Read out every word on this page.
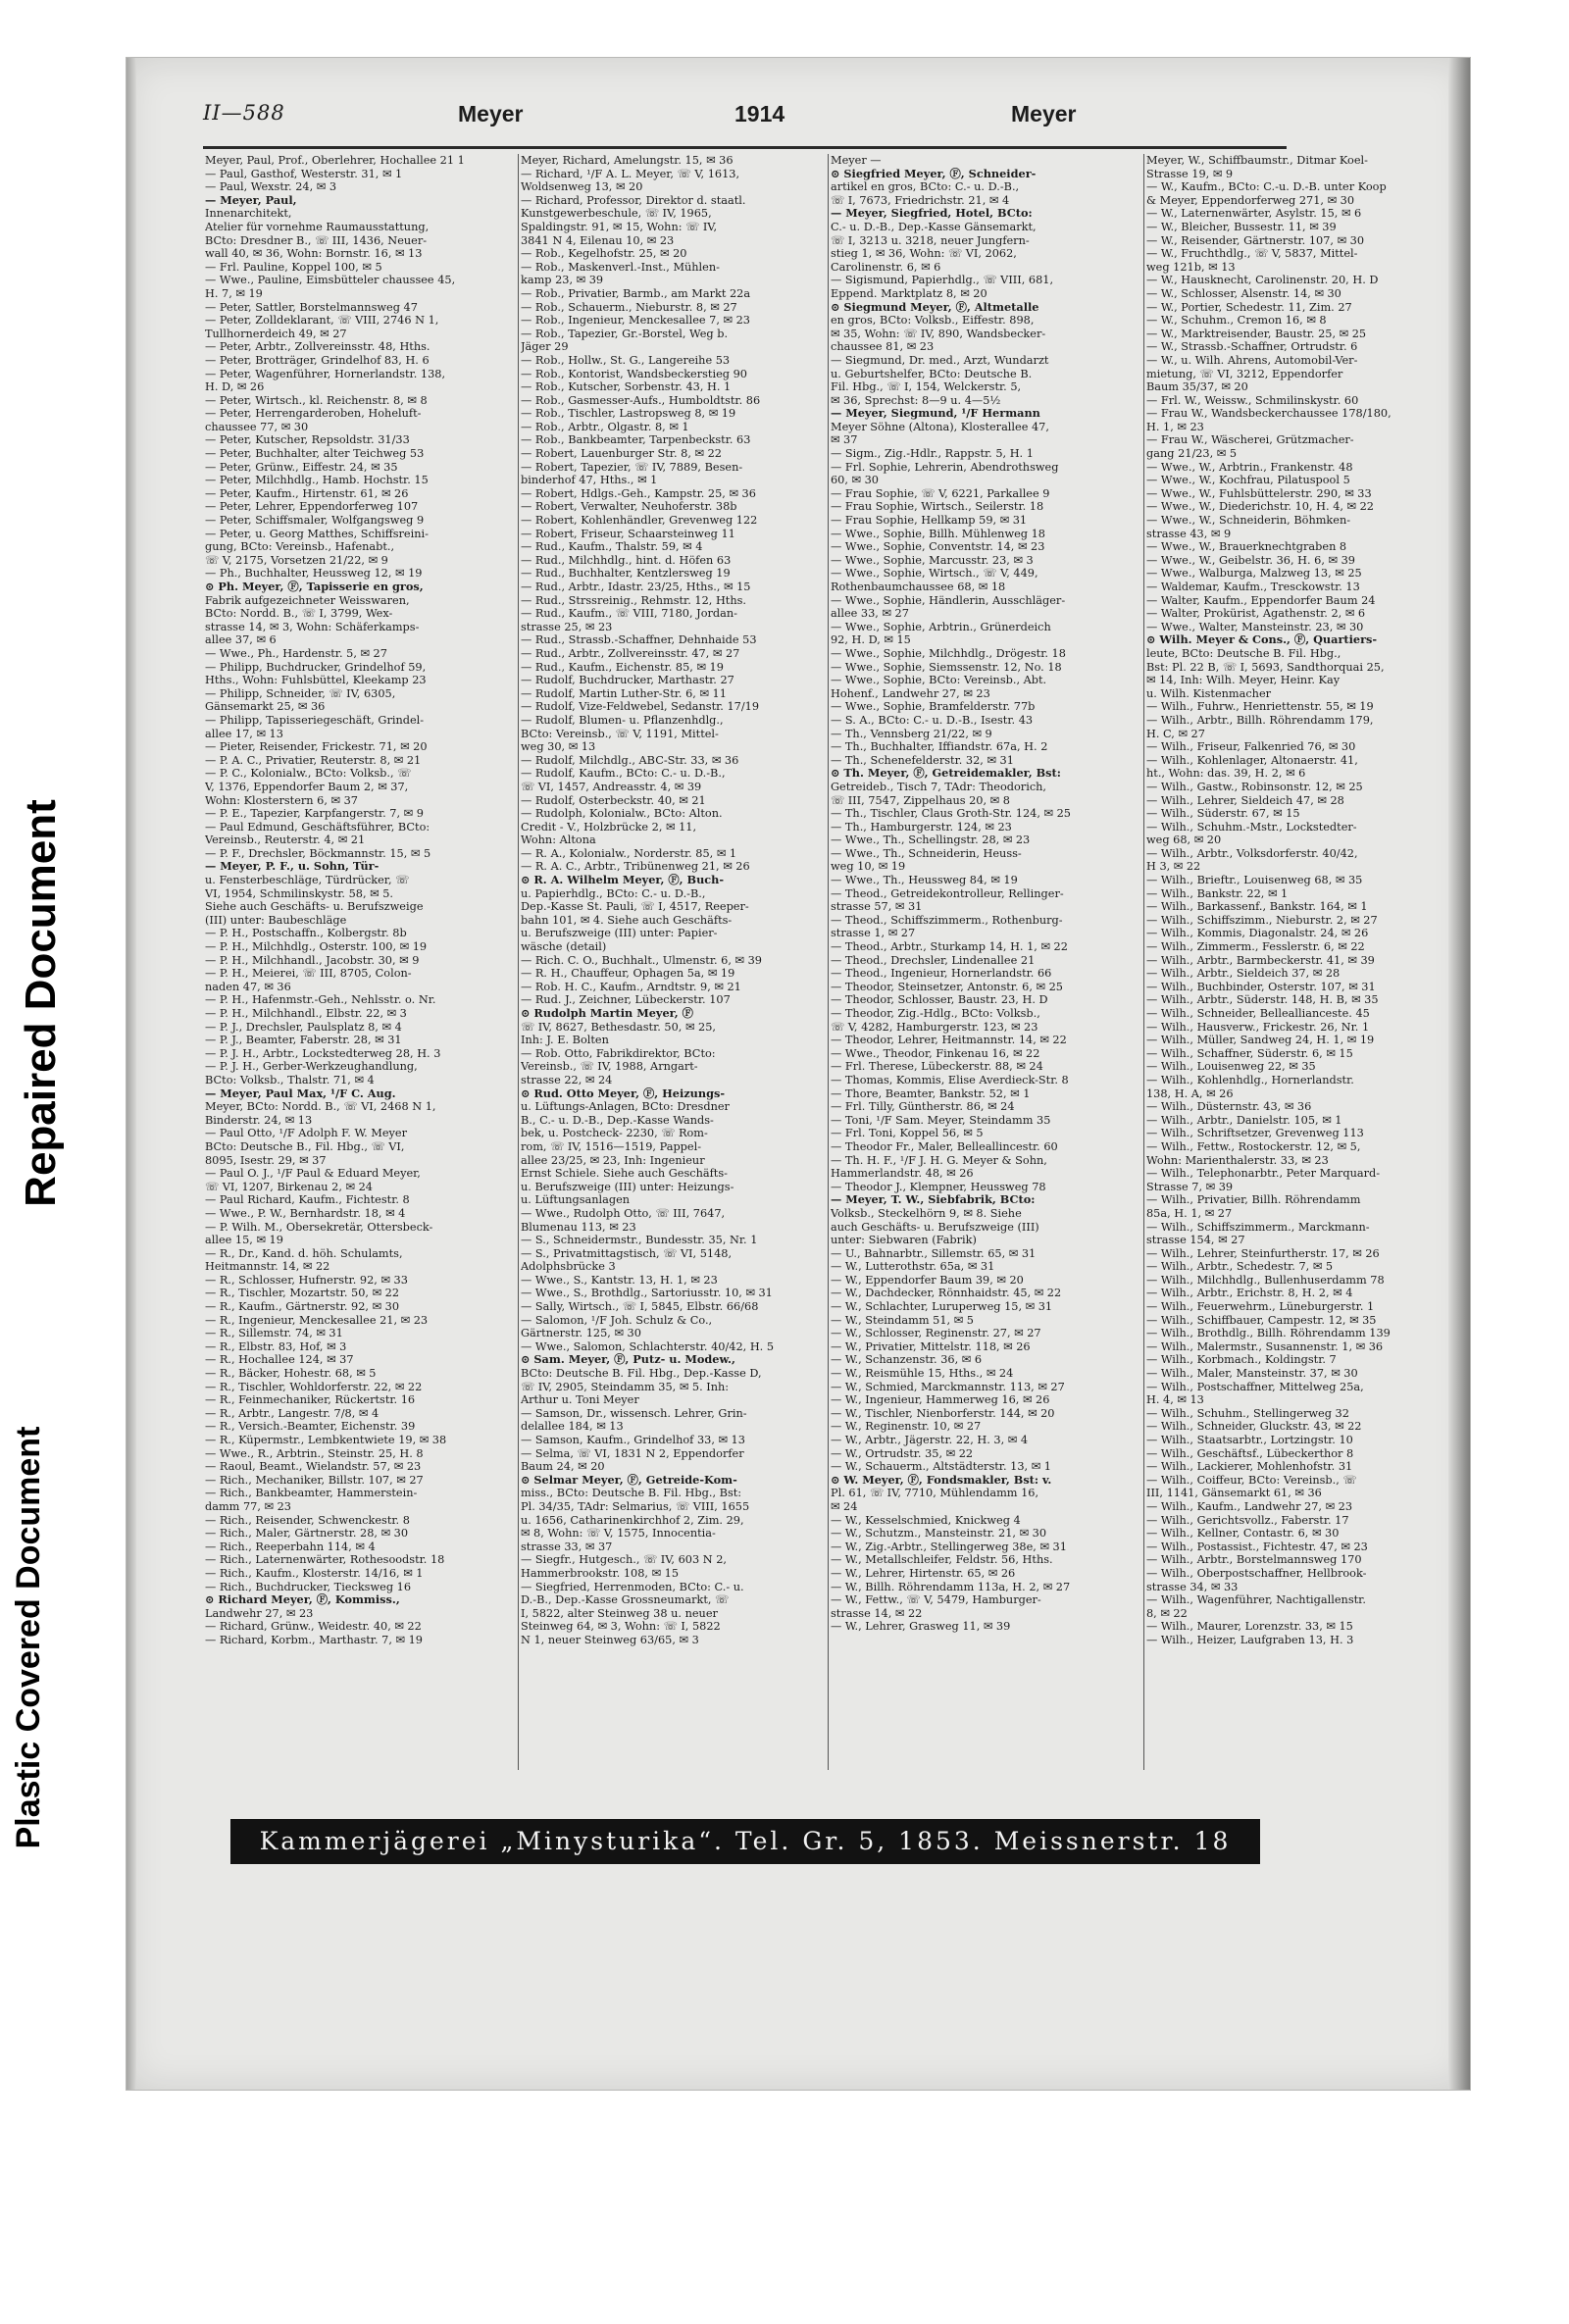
Repaired Document
Plastic Covered Document
II—588	Meyer	1914	Meyer
Meyer, Paul, Prof., Oberlehrer, Hochallee 21 1
— Paul, Gasthof, Westerstr. 31, ✉ 1
— Paul, Wexstr. 24, ✉ 3
— Meyer, Paul,
Innenarchitekt,
Atelier für vornehme Raumausstattung,
BCto: Dresdner B., ☏ III, 1436, Neuer-
wall 40, ✉ 36, Wohn: Bornstr. 16, ✉ 13
— Frl. Pauline, Koppel 100, ✉ 5
— Wwe., Pauline, Eimsbütteler chaussee 45,
H. 7, ✉ 19
— Peter, Sattler, Borstelmannsweg 47
— Peter, Zolldeklarant, ☏ VIII, 2746 N 1,
Tullhornerdeich 49, ✉ 27
— Peter, Arbtr., Zollvereinsstr. 48, Hths.
— Peter, Brotträger, Grindelhof 83, H. 6
— Peter, Wagenführer, Hornerlandstr. 138,
H. D, ✉ 26
— Peter, Wirtsch., kl. Reichenstr. 8, ✉ 8
— Peter, Herrengarderoben, Hoheluft-
chaussee 77, ✉ 30
— Peter, Kutscher, Repsoldstr. 31/33
— Peter, Buchhalter, alter Teichweg 53
— Peter, Grünw., Eiffestr. 24, ✉ 35
— Peter, Milchhdlg., Hamb. Hochstr. 15
— Peter, Kaufm., Hirtenstr. 61, ✉ 26
— Peter, Lehrer, Eppendorferweg 107
— Peter, Schiffsmaler, Wolfgangsweg 9
— Peter, u. Georg Matthes, Schiffsreini-
gung, BCto: Vereinsb., Hafenabt.,
☏ V, 2175, Vorsetzen 21/22, ✉ 9
— Ph., Buchhalter, Heussweg 12, ✉ 19
⊙ Ph. Meyer, Ⓕ, Tapisserie en gros,
Fabrik aufgezeichneter Weisswaren,
BCto: Nordd. B., ☏ I, 3799, Wex-
strasse 14, ✉ 3, Wohn: Schäferkamps-
allee 37, ✉ 6
— Wwe., Ph., Hardenstr. 5, ✉ 27
— Philipp, Buchdrucker, Grindelhof 59,
Hths., Wohn: Fuhlsbüttel, Kleekamp 23
— Philipp, Schneider, ☏ IV, 6305,
Gänsemarkt 25, ✉ 36
— Philipp, Tapisseriegeschäft, Grindel-
allee 17, ✉ 13
— Pieter, Reisender, Frickestr. 71, ✉ 20
— P. A. C., Privatier, Reuterstr. 8, ✉ 21
— P. C., Kolonialw., BCto: Volksb., ☏
V, 1376, Eppendorfer Baum 2, ✉ 37,
Wohn: Klosterstern 6, ✉ 37
— P. E., Tapezier, Karpfangerstr. 7, ✉ 9
— Paul Edmund, Geschäftsführer, BCto:
Vereinsb., Reuterstr. 4, ✉ 21
— P. F., Drechsler, Böckmannstr. 15, ✉ 5
— Meyer, P. F., u. Sohn, Tür-
u. Fensterbeschläge, Türdrücker, ☏
VI, 1954, Schmilinskystr. 58, ✉ 5.
Siehe auch Geschäfts- u. Berufszweige
(III) unter: Baubeschläge
— P. H., Postschaffn., Kolbergstr. 8b
— P. H., Milchhdlg., Osterstr. 100, ✉ 19
— P. H., Milchhandl., Jacobstr. 30, ✉ 9
— P. H., Meierei, ☏ III, 8705, Colon-
naden 47, ✉ 36
— P. H., Hafenmstr.-Geh., Nehlsstr. o. Nr.
— P. H., Milchhandl., Elbstr. 22, ✉ 3
— P. J., Drechsler, Paulsplatz 8, ✉ 4
— P. J., Beamter, Faberstr. 28, ✉ 31
— P. J. H., Arbtr., Lockstedterweg 28, H. 3
— P. J. H., Gerber-Werkzeughandlung,
BCto: Volksb., Thalstr. 71, ✉ 4
— Meyer, Paul Max, ¹/F C. Aug.
Meyer, BCto: Nordd. B., ☏ VI, 2468 N 1,
Binderstr. 24, ✉ 13
— Paul Otto, ¹/F Adolph F. W. Meyer
BCto: Deutsche B., Fil. Hbg., ☏ VI,
8095, Isestr. 29, ✉ 37
— Paul O. J., ¹/F Paul & Eduard Meyer,
☏ VI, 1207, Birkenau 2, ✉ 24
— Paul Richard, Kaufm., Fichtestr. 8
— Wwe., P. W., Bernhardstr. 18, ✉ 4
— P. Wilh. M., Obersekretär, Ottersbeck-
allee 15, ✉ 19
— R., Dr., Kand. d. höh. Schulamts,
Heitmannstr. 14, ✉ 22
— R., Schlosser, Hufnerstr. 92, ✉ 33
— R., Tischler, Mozartstr. 50, ✉ 22
— R., Kaufm., Gärtnerstr. 92, ✉ 30
— R., Ingenieur, Menckesallee 21, ✉ 23
— R., Sillemstr. 74, ✉ 31
— R., Elbstr. 83, Hof, ✉ 3
— R., Hochallee 124, ✉ 37
— R., Bäcker, Hohestr. 68, ✉ 5
— R., Tischler, Wohldorferstr. 22, ✉ 22
— R., Feinmechaniker, Rückertstr. 16
— R., Arbtr., Langestr. 7/8, ✉ 4
— R., Versich.-Beamter, Eichenstr. 39
— R., Küpermstr., Lembkentwiete 19, ✉ 38
— Wwe., R., Arbtrin., Steinstr. 25, H. 8
— Raoul, Beamt., Wielandstr. 57, ✉ 23
— Rich., Mechaniker, Billstr. 107, ✉ 27
— Rich., Bankbeamter, Hammerstein-
damm 77, ✉ 23
— Rich., Reisender, Schwenckestr. 8
— Rich., Maler, Gärtnerstr. 28, ✉ 30
— Rich., Reeperbahn 114, ✉ 4
— Rich., Laternenwärter, Rothesoodstr. 18
— Rich., Kaufm., Klosterstr. 14/16, ✉ 1
— Rich., Buchdrucker, Tiecksweg 16
⊙ Richard Meyer, Ⓕ, Kommiss.,
Landwehr 27, ✉ 23
— Richard, Grünw., Weidestr. 40, ✉ 22
— Richard, Korbm., Marthastr. 7, ✉ 19
Meyer, Richard, Amelungstr. 15, ✉ 36
— Richard, ¹/F A. L. Meyer, ☏ V, 1613,
Woldsenweg 13, ✉ 20
— Richard, Professor, Direktor d. staatl.
Kunstgewerbeschule, ☏ IV, 1965,
Spaldingstr. 91, ✉ 15, Wohn: ☏ IV,
3841 N 4, Eilenau 10, ✉ 23
— Rob., Kegelhofstr. 25, ✉ 20
— Rob., Maskenverl.-Inst., Mühlen-
kamp 23, ✉ 39
— Rob., Privatier, Barmb., am Markt 22a
— Rob., Schauerm., Nieburstr. 8, ✉ 27
— Rob., Ingenieur, Menckesallee 7, ✉ 23
— Rob., Tapezier, Gr.-Borstel, Weg b.
Jäger 29
— Rob., Hollw., St. G., Langereihe 53
— Rob., Kontorist, Wandsbeckerstieg 90
— Rob., Kutscher, Sorbenstr. 43, H. 1
— Rob., Gasmesser-Aufs., Humboldtstr. 86
— Rob., Tischler, Lastropsweg 8, ✉ 19
— Rob., Arbtr., Olgastr. 8, ✉ 1
— Rob., Bankbeamter, Tarpenbeckstr. 63
— Robert, Lauenburger Str. 8, ✉ 22
— Robert, Tapezier, ☏ IV, 7889, Besen-
binderhof 47, Hths., ✉ 1
— Robert, Hdlgs.-Geh., Kampstr. 25, ✉ 36
— Robert, Verwalter, Neuhoferstr. 38b
— Robert, Kohlenhändler, Grevenweg 122
— Robert, Friseur, Schaarsteinweg 11
— Rud., Kaufm., Thalstr. 59, ✉ 4
— Rud., Milchhdlg., hint. d. Höfen 63
— Rud., Buchhalter, Kentzlersweg 19
— Rud., Arbtr., Idastr. 23/25, Hths., ✉ 15
— Rud., Strssreinig., Rehmstr. 12, Hths.
— Rud., Kaufm., ☏ VIII, 7180, Jordan-
strasse 25, ✉ 23
— Rud., Strassb.-Schaffner, Dehnhaide 53
— Rud., Arbtr., Zollvereinsstr. 47, ✉ 27
— Rud., Kaufm., Eichenstr. 85, ✉ 19
— Rudolf, Buchdrucker, Marthastr. 27
— Rudolf, Martin Luther-Str. 6, ✉ 11
— Rudolf, Vize-Feldwebel, Sedanstr. 17/19
— Rudolf, Blumen- u. Pflanzenhdlg.,
BCto: Vereinsb., ☏ V, 1191, Mittel-
weg 30, ✉ 13
— Rudolf, Milchdlg., ABC-Str. 33, ✉ 36
— Rudolf, Kaufm., BCto: C.- u. D.-B.,
☏ VI, 1457, Andreasstr. 4, ✉ 39
— Rudolf, Osterbeckstr. 40, ✉ 21
— Rudolph, Kolonialw., BCto: Alton.
Credit - V., Holzbrücke 2, ✉ 11,
Wohn: Altona
— R. A., Kolonialw., Norderstr. 85, ✉ 1
— R. A. C., Arbtr., Tribünenweg 21, ✉ 26
⊙ R. A. Wilhelm Meyer, Ⓕ, Buch-
u. Papierhdlg., BCto: C.- u. D.-B.,
Dep.-Kasse St. Pauli, ☏ I, 4517, Reeper-
bahn 101, ✉ 4. Siehe auch Geschäfts-
u. Berufszweige (III) unter: Papier-
wäsche (detail)
— Rich. C. O., Buchhalt., Ulmenstr. 6, ✉ 39
— R. H., Chauffeur, Ophagen 5a, ✉ 19
— Rob. H. C., Kaufm., Arndtstr. 9, ✉ 21
— Rud. J., Zeichner, Lübeckerstr. 107
⊙ Rudolph Martin Meyer, Ⓕ
☏ IV, 8627, Bethesdastr. 50, ✉ 25,
Inh: J. E. Bolten
— Rob. Otto, Fabrikdirektor, BCto:
Vereinsb., ☏ IV, 1988, Arngart-
strasse 22, ✉ 24
⊙ Rud. Otto Meyer, Ⓕ, Heizungs-
u. Lüftungs-Anlagen, BCto: Dresdner
B., C.- u. D.-B., Dep.-Kasse Wands-
bek, u. Postcheck- 2230, ☏ Rom-
rom, ☏ IV, 1516—1519, Pappel-
allee 23/25, ✉ 23, Inh: Ingenieur
Ernst Schiele. Siehe auch Geschäfts-
u. Berufszweige (III) unter: Heizungs-
u. Lüftungsanlagen
— Wwe., Rudolph Otto, ☏ III, 7647,
Blumenau 113, ✉ 23
— S., Schneidermstr., Bundesstr. 35, Nr. 1
— S., Privatmittagstisch, ☏ VI, 5148,
Adolphsbrücke 3
— Wwe., S., Kantstr. 13, H. 1, ✉ 23
— Wwe., S., Brothdlg., Sartoriusstr. 10, ✉ 31
— Sally, Wirtsch., ☏ I, 5845, Elbstr. 66/68
— Salomon, ¹/F Joh. Schulz & Co.,
Gärtnerstr. 125, ✉ 30
— Wwe., Salomon, Schlachterstr. 40/42, H. 5
⊙ Sam. Meyer, Ⓕ, Putz- u. Modew.,
BCto: Deutsche B. Fil. Hbg., Dep.-Kasse D,
☏ IV, 2905, Steindamm 35, ✉ 5. Inh:
Arthur u. Toni Meyer
— Samson, Dr., wissensch. Lehrer, Grin-
delallee 184, ✉ 13
— Samson, Kaufm., Grindelhof 33, ✉ 13
— Selma, ☏ VI, 1831 N 2, Eppendorfer
Baum 24, ✉ 20
⊙ Selmar Meyer, Ⓕ, Getreide-Kom-
miss., BCto: Deutsche B. Fil. Hbg., Bst:
Pl. 34/35, TAdr: Selmarius, ☏ VIII, 1655
u. 1656, Catharinenkirchhof 2, Zim. 29,
✉ 8, Wohn: ☏ V, 1575, Innocentia-
strasse 33, ✉ 37
— Siegfr., Hutgesch., ☏ IV, 603 N 2,
Hammerbrookstr. 108, ✉ 15
— Siegfried, Herrenmoden, BCto: C.- u.
D.-B., Dep.-Kasse Grossneumarkt, ☏
I, 5822, alter Steinweg 38 u. neuer
Steinweg 64, ✉ 3, Wohn: ☏ I, 5822
N 1, neuer Steinweg 63/65, ✉ 3
Meyer —
⊙ Siegfried Meyer, Ⓕ, Schneider-
artikel en gros, BCto: C.- u. D.-B.,
☏ I, 7673, Friedrichstr. 21, ✉ 4
— Meyer, Siegfried, Hotel, BCto:
C.- u. D.-B., Dep.-Kasse Gänsemarkt,
☏ I, 3213 u. 3218, neuer Jungfern-
stieg 1, ✉ 36, Wohn: ☏ VI, 2062,
Carolinenstr. 6, ✉ 6
— Sigismund, Papierhdlg., ☏ VIII, 681,
Eppend. Marktplatz 8, ✉ 20
⊙ Siegmund Meyer, Ⓕ, Altmetalle
en gros, BCto: Volksb., Eiffestr. 898,
✉ 35, Wohn: ☏ IV, 890, Wandsbecker-
chaussee 81, ✉ 23
— Siegmund, Dr. med., Arzt, Wundarzt
u. Geburtshelfer, BCto: Deutsche B.
Fil. Hbg., ☏ I, 154, Welckerstr. 5,
✉ 36, Sprechst: 8—9 u. 4—5½
— Meyer, Siegmund, ¹/F Hermann
Meyer Söhne (Altona), Klosterallee 47,
✉ 37
— Sigm., Zig.-Hdlr., Rappstr. 5, H. 1
— Frl. Sophie, Lehrerin, Abendrothsweg
60, ✉ 30
— Frau Sophie, ☏ V, 6221, Parkallee 9
— Frau Sophie, Wirtsch., Seilerstr. 18
— Frau Sophie, Hellkamp 59, ✉ 31
— Wwe., Sophie, Billh. Mühlenweg 18
— Wwe., Sophie, Conventstr. 14, ✉ 23
— Wwe., Sophie, Marcusstr. 23, ✉ 3
— Wwe., Sophie, Wirtsch., ☏ V, 449,
Rothenbaumchaussee 68, ✉ 18
— Wwe., Sophie, Händlerin, Ausschläger-
allee 33, ✉ 27
— Wwe., Sophie, Arbtrin., Grünerdeich
92, H. D, ✉ 15
— Wwe., Sophie, Milchhdlg., Drögestr. 18
— Wwe., Sophie, Siemssenstr. 12, No. 18
— Wwe., Sophie, BCto: Vereinsb., Abt.
Hohenf., Landwehr 27, ✉ 23
— Wwe., Sophie, Bramfelderstr. 77b
— S. A., BCto: C.- u. D.-B., Isestr. 43
— Th., Vennsberg 21/22, ✉ 9
— Th., Buchhalter, Iffiandstr. 67a, H. 2
— Th., Schenefelderstr. 32, ✉ 31
⊙ Th. Meyer, Ⓕ, Getreidemakler, Bst:
Getreideb., Tisch 7, TAdr: Theodorich,
☏ III, 7547, Zippelhaus 20, ✉ 8
— Th., Tischler, Claus Groth-Str. 124, ✉ 25
— Th., Hamburgerstr. 124, ✉ 23
— Wwe., Th., Schellingstr. 28, ✉ 23
— Wwe., Th., Schneiderin, Heuss-
weg 10, ✉ 19
— Wwe., Th., Heussweg 84, ✉ 19
— Theod., Getreidekontrolleur, Rellinger-
strasse 57, ✉ 31
— Theod., Schiffszimmerm., Rothenburg-
strasse 1, ✉ 27
— Theod., Arbtr., Sturkamp 14, H. 1, ✉ 22
— Theod., Drechsler, Lindenallee 21
— Theod., Ingenieur, Hornerlandstr. 66
— Theodor, Steinsetzer, Antonstr. 6, ✉ 25
— Theodor, Schlosser, Baustr. 23, H. D
— Theodor, Zig.-Hdlg., BCto: Volksb.,
☏ V, 4282, Hamburgerstr. 123, ✉ 23
— Theodor, Lehrer, Heitmannstr. 14, ✉ 22
— Wwe., Theodor, Finkenau 16, ✉ 22
— Frl. Therese, Lübeckerstr. 88, ✉ 24
— Thomas, Kommis, Elise Averdieck-Str. 8
— Thore, Beamter, Bankstr. 52, ✉ 1
— Frl. Tilly, Güntherstr. 86, ✉ 24
— Toni, ¹/F Sam. Meyer, Steindamm 35
— Frl. Toni, Koppel 56, ✉ 5
— Theodor Fr., Maler, Belleallincestr. 60
— Th. H. F., ¹/F J. H. G. Meyer & Sohn,
Hammerlandstr. 48, ✉ 26
— Theodor J., Klempner, Heussweg 78
— Meyer, T. W., Siebfabrik, BCto:
Volksb., Steckelhörn 9, ✉ 8. Siehe
auch Geschäfts- u. Berufszweige (III)
unter: Siebwaren (Fabrik)
— U., Bahnarbtr., Sillemstr. 65, ✉ 31
— W., Lutterothstr. 65a, ✉ 31
— W., Eppendorfer Baum 39, ✉ 20
— W., Dachdecker, Rönnhaidstr. 45, ✉ 22
— W., Schlachter, Luruperweg 15, ✉ 31
— W., Steindamm 51, ✉ 5
— W., Schlosser, Reginenstr. 27, ✉ 27
— W., Privatier, Mittelstr. 118, ✉ 26
— W., Schanzenstr. 36, ✉ 6
— W., Reismühle 15, Hths., ✉ 24
— W., Schmied, Marckmannstr. 113, ✉ 27
— W., Ingenieur, Hammerweg 16, ✉ 26
— W., Tischler, Nienborferstr. 144, ✉ 20
— W., Reginenstr. 10, ✉ 27
— W., Arbtr., Jägerstr. 22, H. 3, ✉ 4
— W., Ortrudstr. 35, ✉ 22
— W., Schauerm., Altstädterstr. 13, ✉ 1
⊙ W. Meyer, Ⓕ, Fondsmakler, Bst: v.
Pl. 61, ☏ IV, 7710, Mühlendamm 16,
✉ 24
— W., Kesselschmied, Knickweg 4
— W., Schutzm., Mansteinstr. 21, ✉ 30
— W., Zig.-Arbtr., Stellingerweg 38e, ✉ 31
— W., Metallschleifer, Feldstr. 56, Hths.
— W., Lehrer, Hirtenstr. 65, ✉ 26
— W., Billh. Röhrendamm 113a, H. 2, ✉ 27
— W., Fettw., ☏ V, 5479, Hamburger-
strasse 14, ✉ 22
— W., Lehrer, Grasweg 11, ✉ 39
Meyer, W., Schiffbaumstr., Ditmar Koel-
Strasse 19, ✉ 9
— W., Kaufm., BCto: C.-u. D.-B. unter Koop
& Meyer, Eppendorferweg 271, ✉ 30
— W., Laternenwärter, Asylstr. 15, ✉ 6
— W., Bleicher, Bussestr. 11, ✉ 39
— W., Reisender, Gärtnerstr. 107, ✉ 30
— W., Fruchthdlg., ☏ V, 5837, Mittel-
weg 121b, ✉ 13
— W., Hausknecht, Carolinenstr. 20, H. D
— W., Schlosser, Alsenstr. 14, ✉ 30
— W., Portier, Schedestr. 11, Zim. 27
— W., Schuhm., Cremon 16, ✉ 8
— W., Marktreisender, Baustr. 25, ✉ 25
— W., Strassb.-Schaffner, Ortrudstr. 6
— W., u. Wilh. Ahrens, Automobil-Ver-
mietung, ☏ VI, 3212, Eppendorfer
Baum 35/37, ✉ 20
— Frl. W., Weissw., Schmilinskystr. 60
— Frau W., Wandsbeckerchaussee 178/180,
H. 1, ✉ 23
— Frau W., Wäscherei, Grützmacher-
gang 21/23, ✉ 5
— Wwe., W., Arbtrin., Frankenstr. 48
— Wwe., W., Kochfrau, Pilatuspool 5
— Wwe., W., Fuhlsbüttelerstr. 290, ✉ 33
— Wwe., W., Diederichstr. 10, H. 4, ✉ 22
— Wwe., W., Schneiderin, Böhmken-
strasse 43, ✉ 9
— Wwe., W., Brauerknechtgraben 8
— Wwe., W., Geibelstr. 36, H. 6, ✉ 39
— Wwe., Walburga, Malzweg 13, ✉ 25
— Waldemar, Kaufm., Tresckowstr. 13
— Walter, Kaufm., Eppendorfer Baum 24
— Walter, Prokürist, Agathenstr. 2, ✉ 6
— Wwe., Walter, Mansteinstr. 23, ✉ 30
⊙ Wilh. Meyer & Cons., Ⓕ, Quartiers-
leute, BCto: Deutsche B. Fil. Hbg.,
Bst: Pl. 22 B, ☏ I, 5693, Sandthorquai 25,
✉ 14, Inh: Wilh. Meyer, Heinr. Kay
u. Wilh. Kistenmacher
— Wilh., Fuhrw., Henriettenstr. 55, ✉ 19
— Wilh., Arbtr., Billh. Röhrendamm 179,
H. C, ✉ 27
— Wilh., Friseur, Falkenried 76, ✉ 30
— Wilh., Kohlenlager, Altonaerstr. 41,
ht., Wohn: das. 39, H. 2, ✉ 6
— Wilh., Gastw., Robinsonstr. 12, ✉ 25
— Wilh., Lehrer, Sieldeich 47, ✉ 28
— Wilh., Süderstr. 67, ✉ 15
— Wilh., Schuhm.-Mstr., Lockstedter-
weg 68, ✉ 20
— Wilh., Arbtr., Volksdorferstr. 40/42,
H 3, ✉ 22
— Wilh., Brieftr., Louisenweg 68, ✉ 35
— Wilh., Bankstr. 22, ✉ 1
— Wilh., Barkassenf., Bankstr. 164, ✉ 1
— Wilh., Schiffszimm., Nieburstr. 2, ✉ 27
— Wilh., Kommis, Diagonalstr. 24, ✉ 26
— Wilh., Zimmerm., Fesslerstr. 6, ✉ 22
— Wilh., Arbtr., Barmbeckerstr. 41, ✉ 39
— Wilh., Arbtr., Sieldeich 37, ✉ 28
— Wilh., Buchbinder, Osterstr. 107, ✉ 31
— Wilh., Arbtr., Süderstr. 148, H. B, ✉ 35
— Wilh., Schneider, Belleallianceste. 45
— Wilh., Hausverw., Frickestr. 26, Nr. 1
— Wilh., Müller, Sandweg 24, H. 1, ✉ 19
— Wilh., Schaffner, Süderstr. 6, ✉ 15
— Wilh., Louisenweg 22, ✉ 35
— Wilh., Kohlenhdlg., Hornerlandstr.
138, H. A, ✉ 26
— Wilh., Düsternstr. 43, ✉ 36
— Wilh., Arbtr., Danielstr. 105, ✉ 1
— Wilh., Schriftsetzer, Grevenweg 113
— Wilh., Fettw., Rostockerstr. 12, ✉ 5,
Wohn: Marienthalerstr. 33, ✉ 23
— Wilh., Telephonarbtr., Peter Marquard-
Strasse 7, ✉ 39
— Wilh., Privatier, Billh. Röhrendamm
85a, H. 1, ✉ 27
— Wilh., Schiffszimmerm., Marckmann-
strasse 154, ✉ 27
— Wilh., Lehrer, Steinfurtherstr. 17, ✉ 26
— Wilh., Arbtr., Schedestr. 7, ✉ 5
— Wilh., Milchhdlg., Bullenhuserdamm 78
— Wilh., Arbtr., Erichstr. 8, H. 2, ✉ 4
— Wilh., Feuerwehrm., Lüneburgerstr. 1
— Wilh., Schiffbauer, Campestr. 12, ✉ 35
— Wilh., Brothdlg., Billh. Röhrendamm 139
— Wilh., Malermstr., Susannenstr. 1, ✉ 36
— Wilh., Korbmach., Koldingstr. 7
— Wilh., Maler, Mansteinstr. 37, ✉ 30
— Wilh., Postschaffner, Mittelweg 25a,
H. 4, ✉ 13
— Wilh., Schuhm., Stellingerweg 32
— Wilh., Schneider, Gluckstr. 43, ✉ 22
— Wilh., Staatsarbtr., Lortzingstr. 10
— Wilh., Geschäftsf., Lübeckerthor 8
— Wilh., Lackierer, Mohlenhofstr. 31
— Wilh., Coiffeur, BCto: Vereinsb., ☏
III, 1141, Gänsemarkt 61, ✉ 36
— Wilh., Kaufm., Landwehr 27, ✉ 23
— Wilh., Gerichtsvollz., Faberstr. 17
— Wilh., Kellner, Contastr. 6, ✉ 30
— Wilh., Postassist., Fichtestr. 47, ✉ 23
— Wilh., Arbtr., Borstelmannsweg 170
— Wilh., Oberpostschaffner, Hellbrook-
strasse 34, ✉ 33
— Wilh., Wagenführer, Nachtigallenstr.
8, ✉ 22
— Wilh., Maurer, Lorenzstr. 33, ✉ 15
— Wilh., Heizer, Laufgraben 13, H. 3
Kammerjägerei „Minysturika“. Tel. Gr. 5, 1853. Meissnerstr. 18
